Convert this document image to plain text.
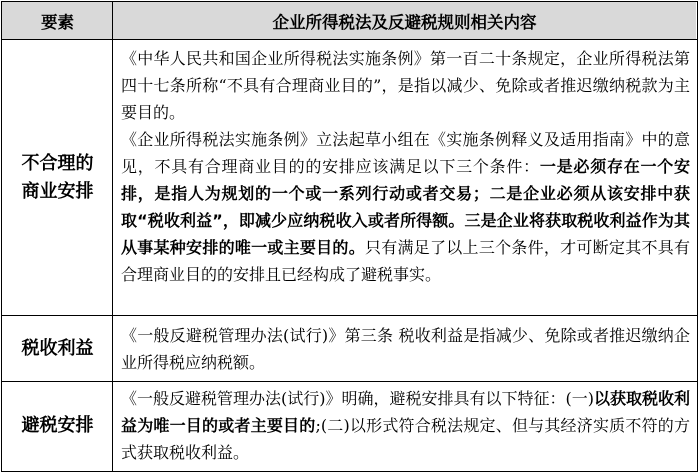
要素	企业所得税法及反避税规则相关内容
不合理的
商业安排

《中华人民共和国企业所得税法实施条例》第一百二十条规定，企业所得税法第四十七条所称“不具有合理商业目的”，是指以减少、免除或者推迟缴纳税款为主要目的。

《企业所得税法实施条例》立法起草小组在《实施条例释义及适用指南》中的意见，不具有合理商业目的的安排应该满足以下三个条件：一是必须存在一个安排，是指人为规划的一个或一系列行动或者交易；二是企业必须从该安排中获取“税收利益”，即减少应纳税收入或者所得额。三是企业将获取税收利益作为其从事某种安排的唯一或主要目的。只有满足了以上三个条件，才可断定其不具有合理商业目的的安排且已经构成了避税事实。

税收利益

《一般反避税管理办法(试行)》第三条 税收利益是指减少、免除或者推迟缴纳企业所得税应纳税额。

避税安排

《一般反避税管理办法(试行)》明确，避税安排具有以下特征：(一)以获取税收利益为唯一目的或者主要目的;(二)以形式符合税法规定、但与其经济实质不符的方式获取税收利益。
